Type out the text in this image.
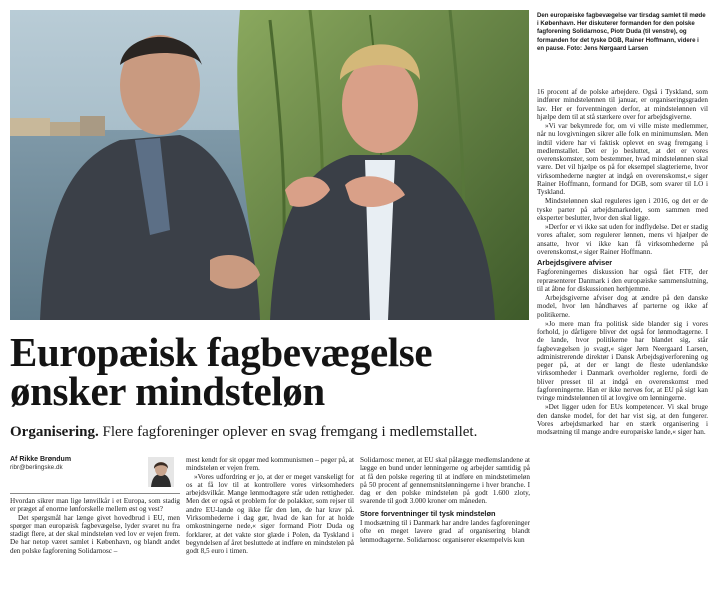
Den europæiske fagbevægelse var tirsdag samlet til møde i København. Her diskuterer formanden for den polske fagforening Solidarnosc, Piotr Duda (til venstre), og formanden for det tyske DGB, Rainer Hoffmann, videre i en pause. Foto: Jens Nørgaard Larsen

16 procent af de polske arbejdere. Også i Tyskland, som indfører mindstelønnen til januar, er organiseringsgraden lav. Her er forventningen derfor, at mindstelønnen vil hjælpe dem til at stå stærkere over for arbejdsgiverne.

»Vi var bekymrede for, om vi ville miste medlemmer, når nu lovgivningen sikrer alle folk en minimumsløn. Men indtil videre har vi faktisk oplevet en svag fremgang i medlemstallet. Det er jo besluttet, at det er vores overenskomster, som bestemmer, hvad mindstelønnen skal være. Det vil hjælpe os på for eksempel slagterierne, hvor virksomhederne nægter at indgå en overenskomst,« siger Rainer Hoffmann, formand for DGB, som svarer til LO i Tyskland.

Mindstelønnen skal reguleres igen i 2016, og det er de tyske parter på arbejdsmarkedet, som sammen med eksperter beslutter, hvor den skal ligge.

»Derfor er vi ikke sat uden for indflydelse. Det er stadig vores aftaler, som regulerer lønnen, mens vi hjælper de ansatte, hvor vi ikke kan få virksomhederne på overenskomst,« siger Rainer Hoffmann.

Arbejdsgivere afviser

Fagforeningernes diskussion har også fået FTF, der repræsenterer Danmark i den europæiske sammenslutning, til at åbne for diskussionen herhjemme.

Arbejdsgiverne afviser dog at ændre på den danske model, hvor løn håndhæves af parterne og ikke af politikerne.

»Jo mere man fra politisk side blander sig i vores forhold, jo dårligere bliver det også for lønmodtagerne. I de lande, hvor politikerne har blandet sig, står fagbevægelsen jo svagt,« siger Jørn Neergaard Larsen, administrerende direktør i Dansk Arbejdsgiverforening og peger på, at der er langt de fleste udenlandske virksomheder i Danmark overholder reglerne, fordi de bliver presset til at indgå en overenskomst med fagforeningerne. Han er ikke nervøs for, at EU på sigt kan tvinge mindstelønnen til at lovgive om lønningerne.

»Det ligger uden for EUs kompetencer. Vi skal bruge den danske model, for det har vist sig, at den fungerer. Vores arbejdsmarked har en stærk organisering i modsætning til mange andre europæiske lande,« siger han.

Europæisk fagbevægelse
ønsker mindsteløn
Organisering. Flere fagforeninger oplever en svag fremgang i medlemstallet.
Af Rikke Brøndum
ribr@berlingske.dk

Hvordan sikrer man lige lønvilkår i et Europa, som stadig er præget af enorme lønforskelle mellem øst og vest?

Det spørgsmål har længe givet hovedbrud i EU, men spørger man europæisk fagbevægelse, lyder svaret nu fra stadigt flere, at der skal mindsteløn ved lov er vejen frem. De har netop været samlet i København, og blandt andet den polske fagforening Solidarnosc –

mest kendt for sit opgør med kommunismen – peger på, at mindsteløn er vejen frem.

»Vores udfordring er jo, at der er meget vanskeligt for os at få lov til at kontrollere vores virksomheders arbejdsvilkår. Mange lønmodtagere står uden rettigheder. Men det er også et problem for de polakker, som rejser til andre EU-lande og ikke får den løn, de har krav på. Virksomhederne i dag gør, hvad de kan for at holde omkostningerne nede,« siger formand Piotr Duda og forklarer, at det vakte stor glæde i Polen, da Tyskland i begyndelsen af året besluttede at indføre en mindsteløn på godt 8,5 euro i timen.

Solidarnosc mener, at EU skal pålægge medlemslandene at lægge en bund under lønningerne og arbejder samtidig på at få den polske regering til at indføre en mindstetimeløn på 50 procent af gennemsnitslønningerne i hver branche. I dag er den polske mindsteløn på godt 1.600 zloty, svarende til godt 3.000 kroner om måneden.

Store forventninger til tysk mindsteløn

I modsætning til i Danmark har andre landes fagforeninger ofte en meget lavere grad af organisering blandt lønmodtagerne. Solidarnosc organiserer eksempelvis kun
